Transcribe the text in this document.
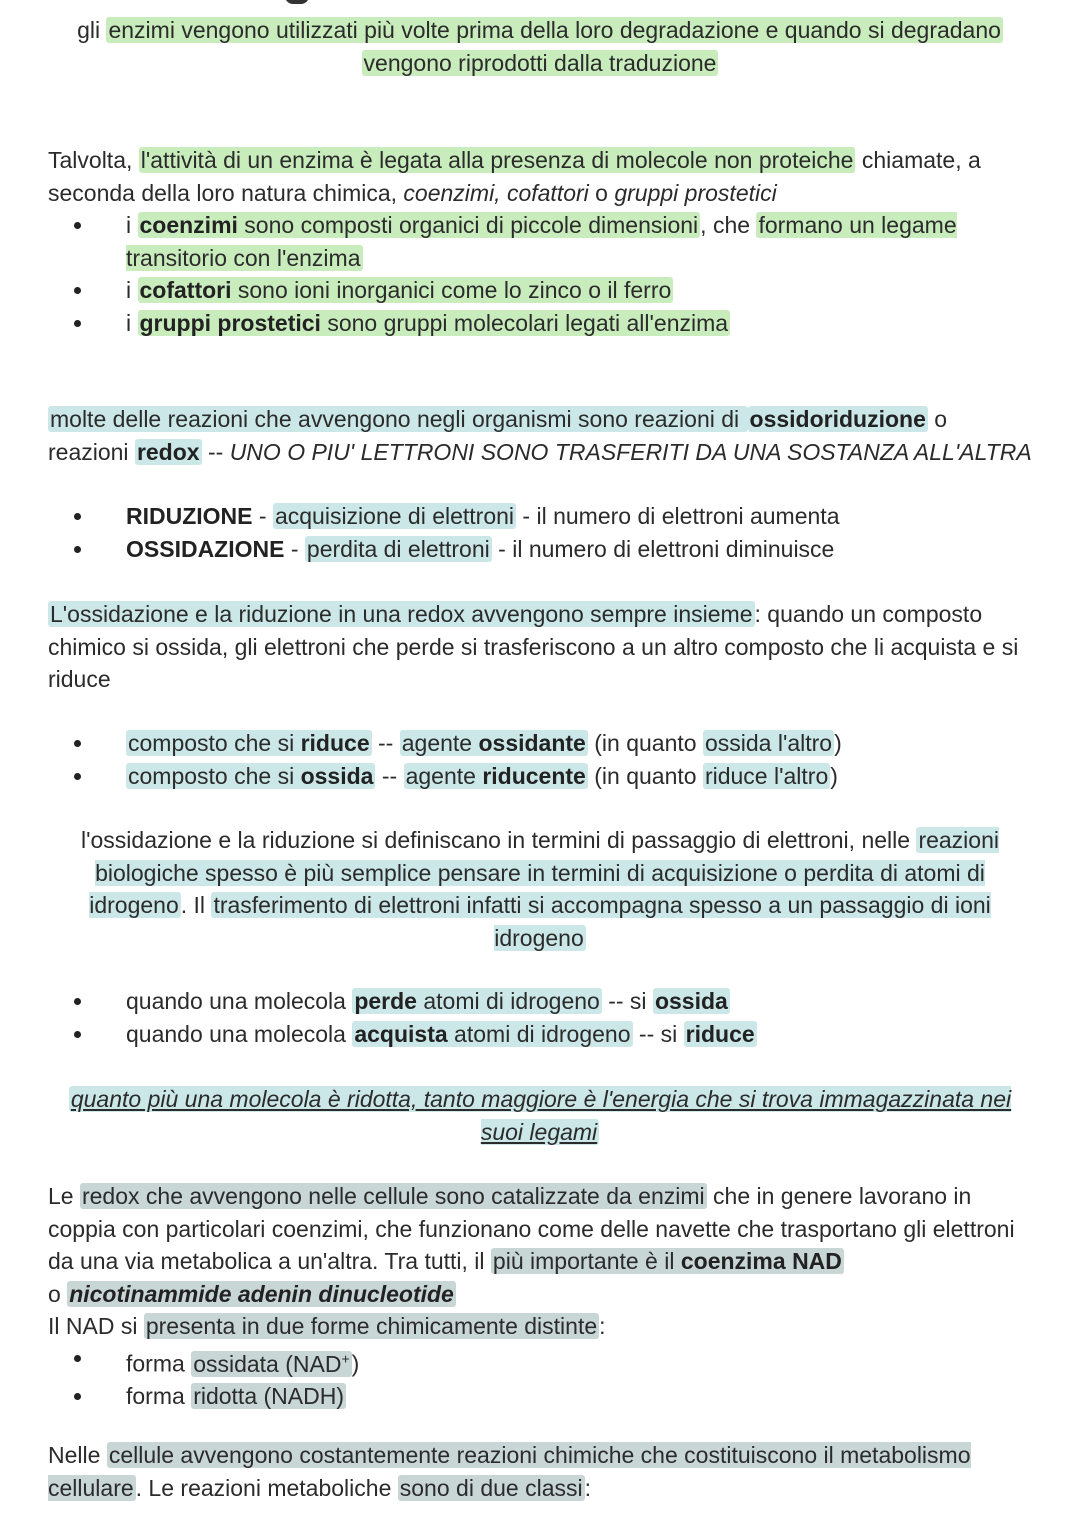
gli enzimi vengono utilizzati più volte prima della loro degradazione e quando si degradano
vengono riprodotti dalla traduzione
Talvolta, l'attività di un enzima è legata alla presenza di molecole non proteiche chiamate, a seconda della loro natura chimica, coenzimi, cofattori o gruppi prostetici
i coenzimi sono composti organici di piccole dimensioni, che formano un legame transitorio con l'enzima
i cofattori sono ioni inorganici come lo zinco o il ferro
i gruppi prostetici sono gruppi molecolari legati all'enzima
molte delle reazioni che avvengono negli organismi sono reazioni di ossidoriduzione o reazioni redox -- UNO O PIU' LETTRONI SONO TRASFERITI DA UNA SOSTANZA ALL'ALTRA
RIDUZIONE - acquisizione di elettroni - il numero di elettroni aumenta
OSSIDAZIONE - perdita di elettroni - il numero di elettroni diminuisce
L'ossidazione e la riduzione in una redox avvengono sempre insieme: quando un composto chimico si ossida, gli elettroni che perde si trasferiscono a un altro composto che li acquista e si riduce
composto che si riduce -- agente ossidante (in quanto ossida l'altro)
composto che si ossida -- agente riducente (in quanto riduce l'altro)
l'ossidazione e la riduzione si definiscano in termini di passaggio di elettroni, nelle reazioni biologiche spesso è più semplice pensare in termini di acquisizione o perdita di atomi di idrogeno. Il trasferimento di elettroni infatti si accompagna spesso a un passaggio di ioni idrogeno
quando una molecola perde atomi di idrogeno -- si ossida
quando una molecola acquista atomi di idrogeno -- si riduce
quanto più una molecola è ridotta, tanto maggiore è l'energia che si trova immagazzinata nei suoi legami
Le redox che avvengono nelle cellule sono catalizzate da enzimi che in genere lavorano in coppia con particolari coenzimi, che funzionano come delle navette che trasportano gli elettroni da una via metabolica a un'altra. Tra tutti, il più importante è il coenzima NAD
o nicotinammide adenin dinucleotide
Il NAD si presenta in due forme chimicamente distinte:
forma ossidata (NAD+)
forma ridotta (NADH)
Nelle cellule avvengono costantemente reazioni chimiche che costituiscono il metabolismo cellulare. Le reazioni metaboliche sono di due classi:
